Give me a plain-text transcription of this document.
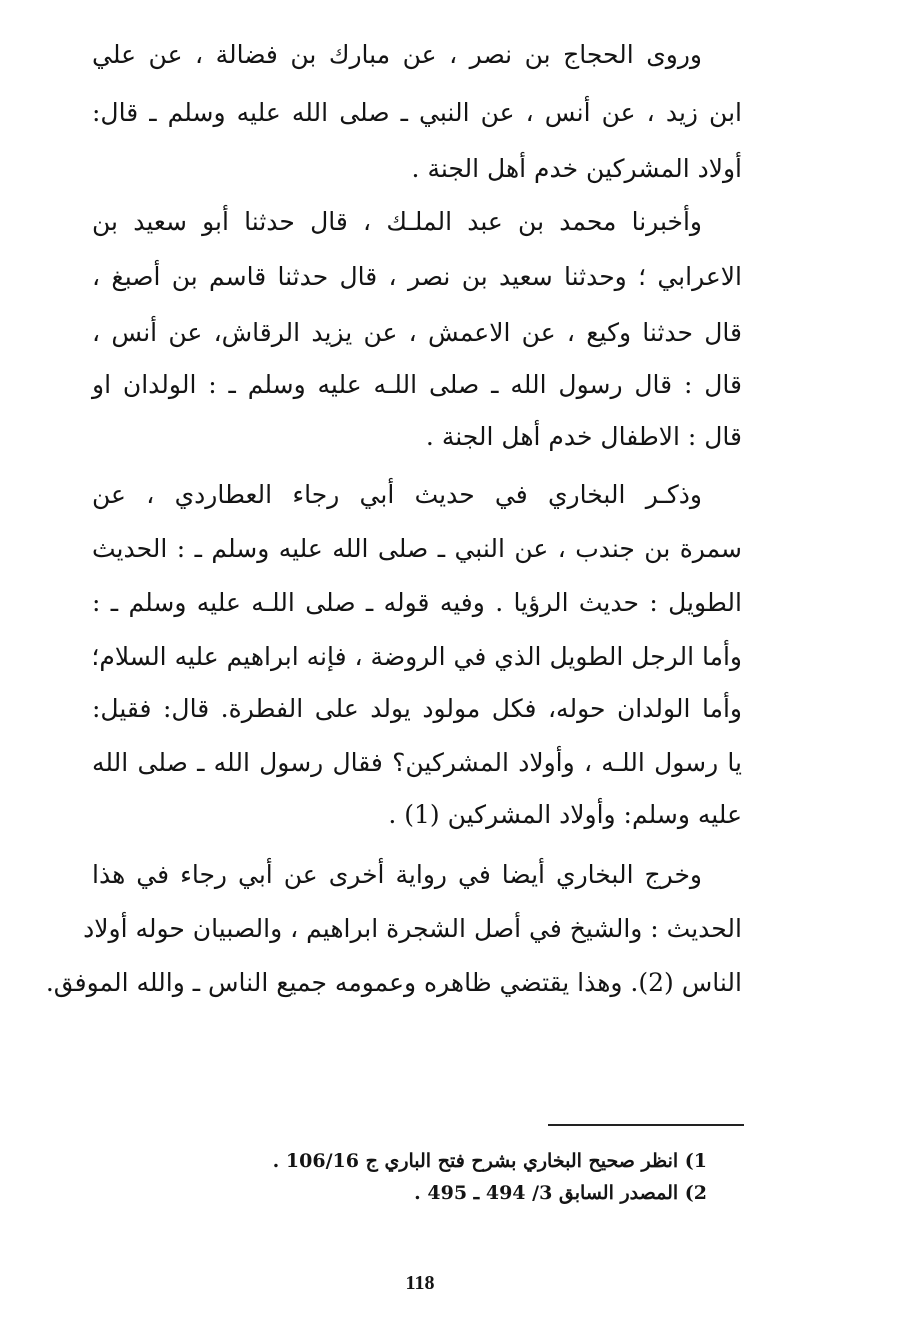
وروى الحجاج بن نصر ، عن مبارك بن فضالة ، عن علي
ابن زيد ، عن أنس ، عن النبي ـ صلى الله عليه وسلم ـ قال:
أولاد المشركين خدم أهل الجنة .
وأخبرنا محمد بن عبد الملـك ، قال حدثنا أبو سعيد بن
الاعرابي ؛ وحدثنا سعيد بن نصر ، قال حدثنا قاسم بن أصبغ ،
قال حدثنا وكيع ، عن الاعمش ، عن يزيد الرقاش، عن أنس ،
قال : قال رسول الله ـ صلى اللـه عليه وسلم ـ : الولدان او
قال : الاطفال خدم أهل الجنة .
وذكـر البخاري في حديث أبي رجاء العطاردي ، عن
سمرة بن جندب ، عن النبي ـ صلى الله عليه وسلم ـ : الحديث
الطويل : حديث الرؤيا . وفيه قوله ـ صلى اللـه عليه وسلم ـ :
وأما الرجل الطويل الذي في الروضة ، فإنه ابراهيم عليه السلام؛
وأما الولدان حوله، فكل مولود يولد على الفطرة. قال: فقيل:
يا رسول اللـه ، وأولاد المشركين؟ فقال رسول الله ـ صلى الله
عليه وسلم: وأولاد المشركين (1) .
وخرج البخاري أيضا في رواية أخرى عن أبي رجاء في هذا
الحديث : والشيخ في أصل الشجرة ابراهيم ، والصبيان حوله أولاد
الناس (2). وهذا يقتضي ظاهره وعمومه جميع الناس ـ والله الموفق.
1) انظر صحيح البخاري بشرح فتح الباري ج 106/16 .
2) المصدر السابق 3/ 494 ـ 495 .
118
